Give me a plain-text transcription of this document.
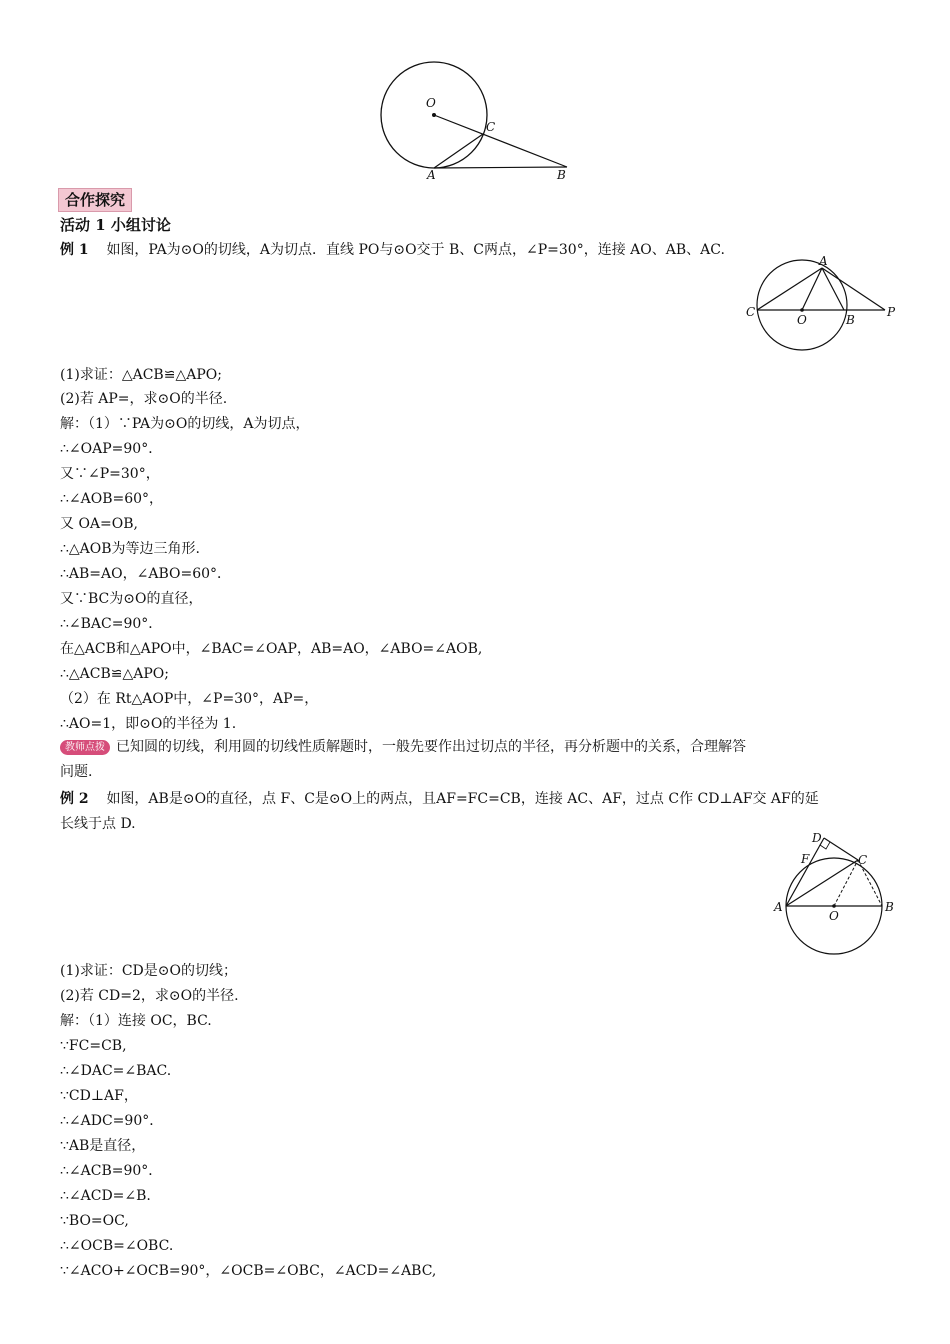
O
C
A	B
合作探究
活动 1 小组讨论
例 1 如图，PA为⊙O的切线，A为切点．直线 PO与⊙O交于 B、C两点，∠P=30°，连接 AO、AB、AC.
A
C
O	B
P
(1)求证：△ACB≌△APO;
(2)若 AP=，求⊙O的半径.
解：（1）∵PA为⊙O的切线，A为切点，
∴∠OAP=90°．
又∵∠P=30°，
∴∠AOB=60°，
又 OA=OB,
∴△AOB为等边三角形.
∴AB=AO，∠ABO=60°．
又∵BC为⊙O的直径，
∴∠BAC=90°．
在△ACB和△APO中，∠BAC=∠OAP，AB=AO，∠ABO=∠AOB,
∴△ACB≌△APO;
（2）在 Rt△AOP中，∠P=30°，AP=，
∴AO=1，即⊙O的半径为 1.
教师点拨 已知圆的切线，利用圆的切线性质解题时，一般先要作出过切点的半径，再分析题中的关系，合理解答
问题.
例 2 如图，AB是⊙O的直径，点 F、C是⊙O上的两点，且AF=FC=CB，连接 AC、AF，过点 C作 CD⊥AF交 AF的延
长线于点 D.
D
F	C
A
O
B
(1)求证：CD是⊙O的切线；
(2)若 CD=2，求⊙O的半径.
解：（1）连接 OC，BC.
∵FC=CB,
∴∠DAC=∠BAC.
∵CD⊥AF，
∴∠ADC=90°．
∵AB是直径，
∴∠ACB=90°．
∴∠ACD=∠B.
∵BO=OC,
∴∠OCB=∠OBC.
∵∠ACO+∠OCB=90°，∠OCB=∠OBC，∠ACD=∠ABC,
